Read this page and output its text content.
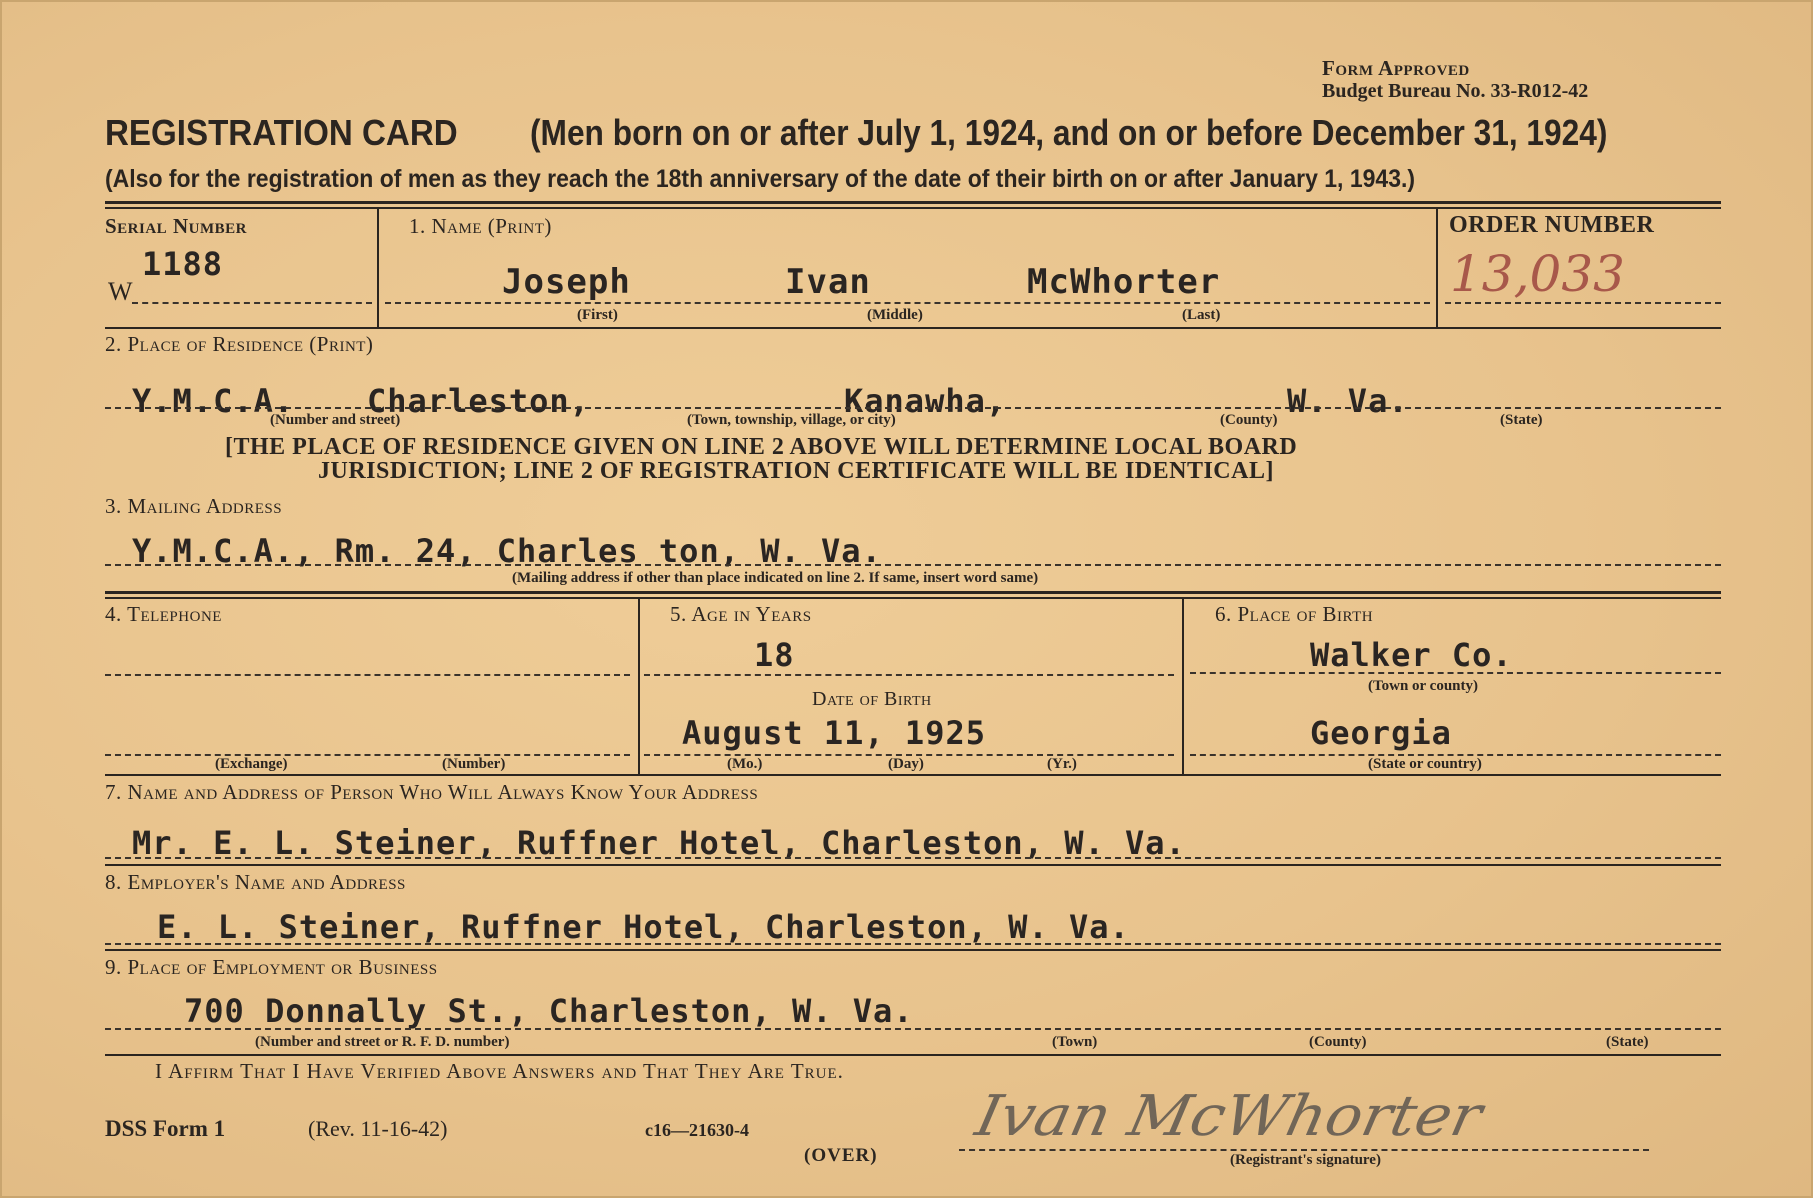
Form Approved
Budget Bureau No. 33-R012-42
REGISTRATION CARD (Men born on or after July 1, 1924, and on or before December 31, 1924)
(Also for the registration of men as they reach the 18th anniversary of the date of their birth on or after January 1, 1943.)
Serial Number
W
1188
1. Name (Print)
Joseph	Ivan	McWhorter
(First)	(Middle)	(Last)
ORDER NUMBER
13,033
2. Place of Residence (Print)
Y.M.C.A. Charleston,	Kanawha,	W. Va.
(Number and street)	(Town, township, village, or city)	(County)	(State)
[THE PLACE OF RESIDENCE GIVEN ON LINE 2 ABOVE WILL DETERMINE LOCAL BOARD
JURISDICTION; LINE 2 OF REGISTRATION CERTIFICATE WILL BE IDENTICAL]
3. Mailing Address
Y.M.C.A., Rm. 24, Charles ton, W. Va.
(Mailing address if other than place indicated on line 2. If same, insert word same)
4. Telephone
(Exchange)	(Number)
5. Age in Years
18
Date of Birth
August 11, 1925
(Mo.)	(Day)	(Yr.)
6. Place of Birth
Walker Co.
(Town or county)
Georgia
(State or country)
7. Name and Address of Person Who Will Always Know Your Address
Mr. E. L. Steiner, Ruffner Hotel, Charleston, W. Va.
8. Employer's Name and Address
E. L. Steiner, Ruffner Hotel, Charleston, W. Va.
9. Place of Employment or Business
700 Donnally St., Charleston, W. Va.
(Number and street or R. F. D. number)	(Town)	(County)	(State)
I Affirm That I Have Verified Above Answers and That They Are True.
DSS Form 1	(Rev. 11-16-42)	c16—21630-4
(OVER)
Ivan McWhorter
(Registrant's signature)
